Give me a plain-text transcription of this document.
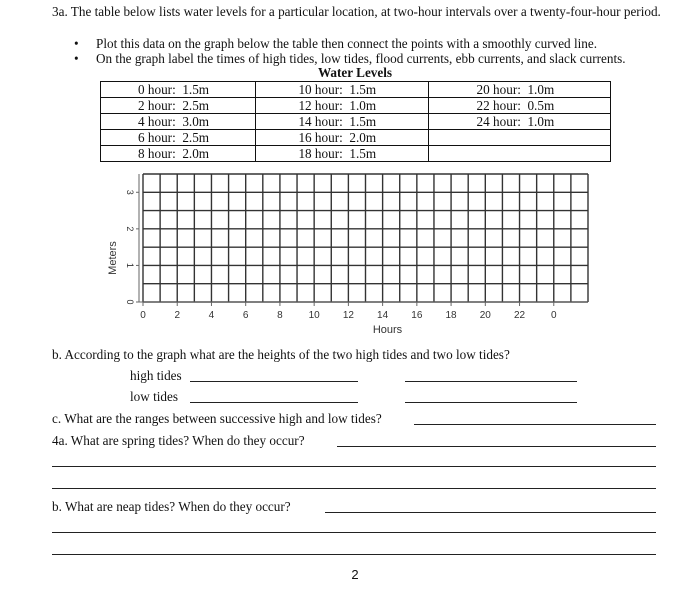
3a. The table below lists water levels for a particular location, at two-hour intervals over a twenty-four-hour period.
• Plot this data on the graph below the table then connect the points with a smoothly curved line.
• On the graph label the times of high tides, low tides, flood currents, ebb currents, and slack currents.
Water Levels
0 hour:  1.5m	10 hour:  1.5m	20 hour:  1.0m
2 hour:  2.5m	12 hour:  1.0m	22 hour:  0.5m
4 hour:  3.0m	14 hour:  1.5m	24 hour:  1.0m
6 hour:  2.5m	16 hour:  2.0m	
8 hour:  2.0m	18 hour:  1.5m	
0
1
2
3
0	2	4	6	8	10 12 14 16 18 20 22	0
Hours
Meters
b. According to the graph what are the heights of the two high tides and two low tides?
high tides
low tides
c. What are the ranges between successive high and low tides?
4a. What are spring tides? When do they occur?
b. What are neap tides? When do they occur?
2
